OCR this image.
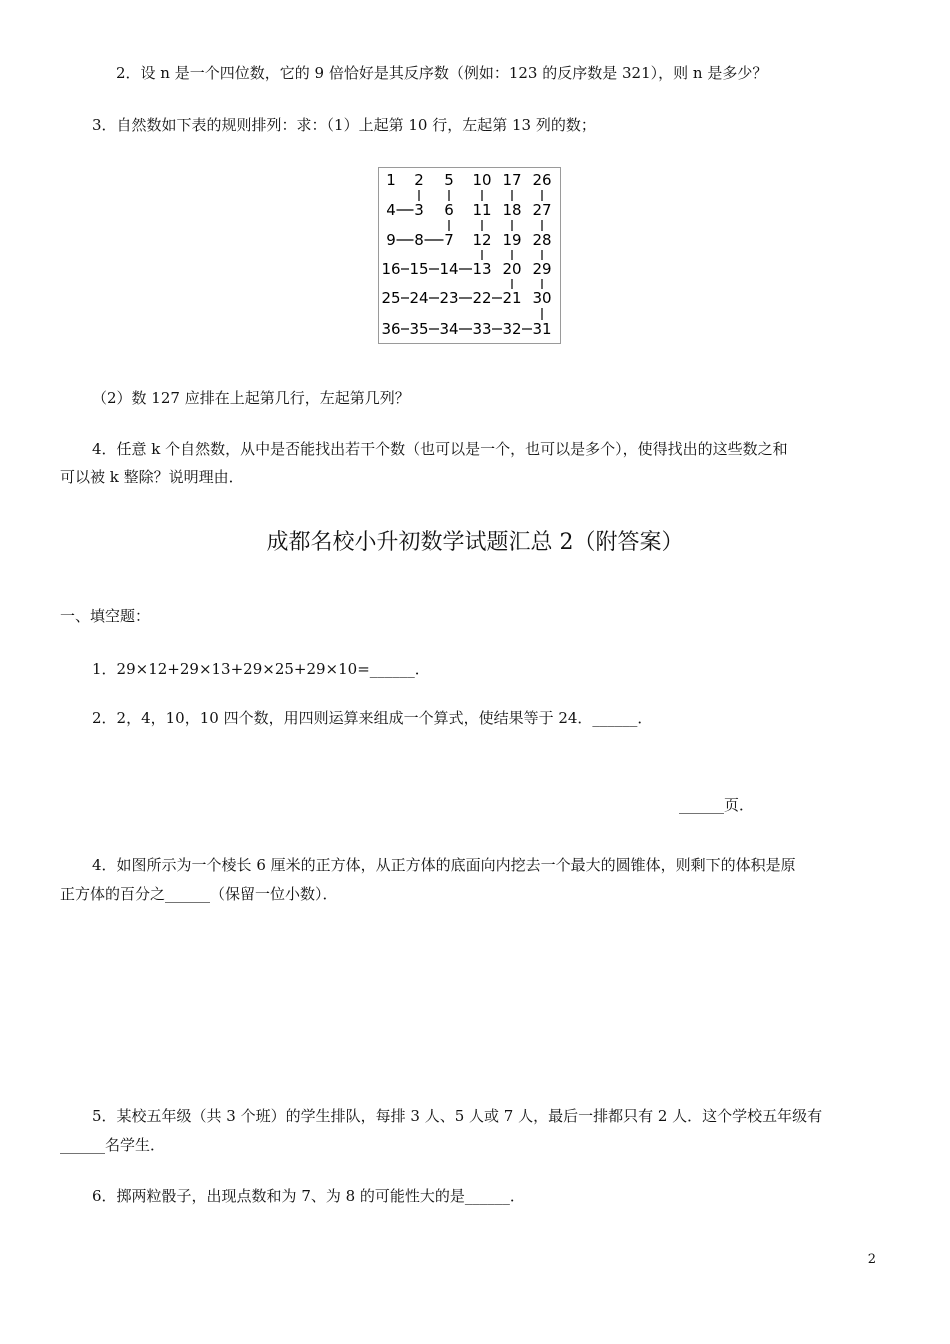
2．设 n 是一个四位数，它的 9 倍恰好是其反序数（例如：123 的反序数是 321），则 n 是多少？
3．自然数如下表的规则排列：求：（1）上起第 10 行，左起第 13 列的数；
1 2 5 10 17 26
4 3 6 11 18 27
9 8 7 12 19 28
16 15 14 13 20 29
25 24 23 22 21 30
36 35 34 33 32 31
（2）数 127 应排在上起第几行，左起第几列？
4．任意 k 个自然数，从中是否能找出若干个数（也可以是一个，也可以是多个），使得找出的这些数之和
可以被 k 整除？说明理由．
成都名校小升初数学试题汇总 2（附答案）
一、填空题：
1．29×12+29×13+29×25+29×10=______．
2．2，4，10，10 四个数，用四则运算来组成一个算式，使结果等于 24．______．
______页．
4．如图所示为一个棱长 6 厘米的正方体，从正方体的底面向内挖去一个最大的圆锥体，则剩下的体积是原
正方体的百分之______（保留一位小数）．
5．某校五年级（共 3 个班）的学生排队，每排 3 人、5 人或 7 人，最后一排都只有 2 人．这个学校五年级有
______名学生．
6．掷两粒骰子，出现点数和为 7、为 8 的可能性大的是______．
2
